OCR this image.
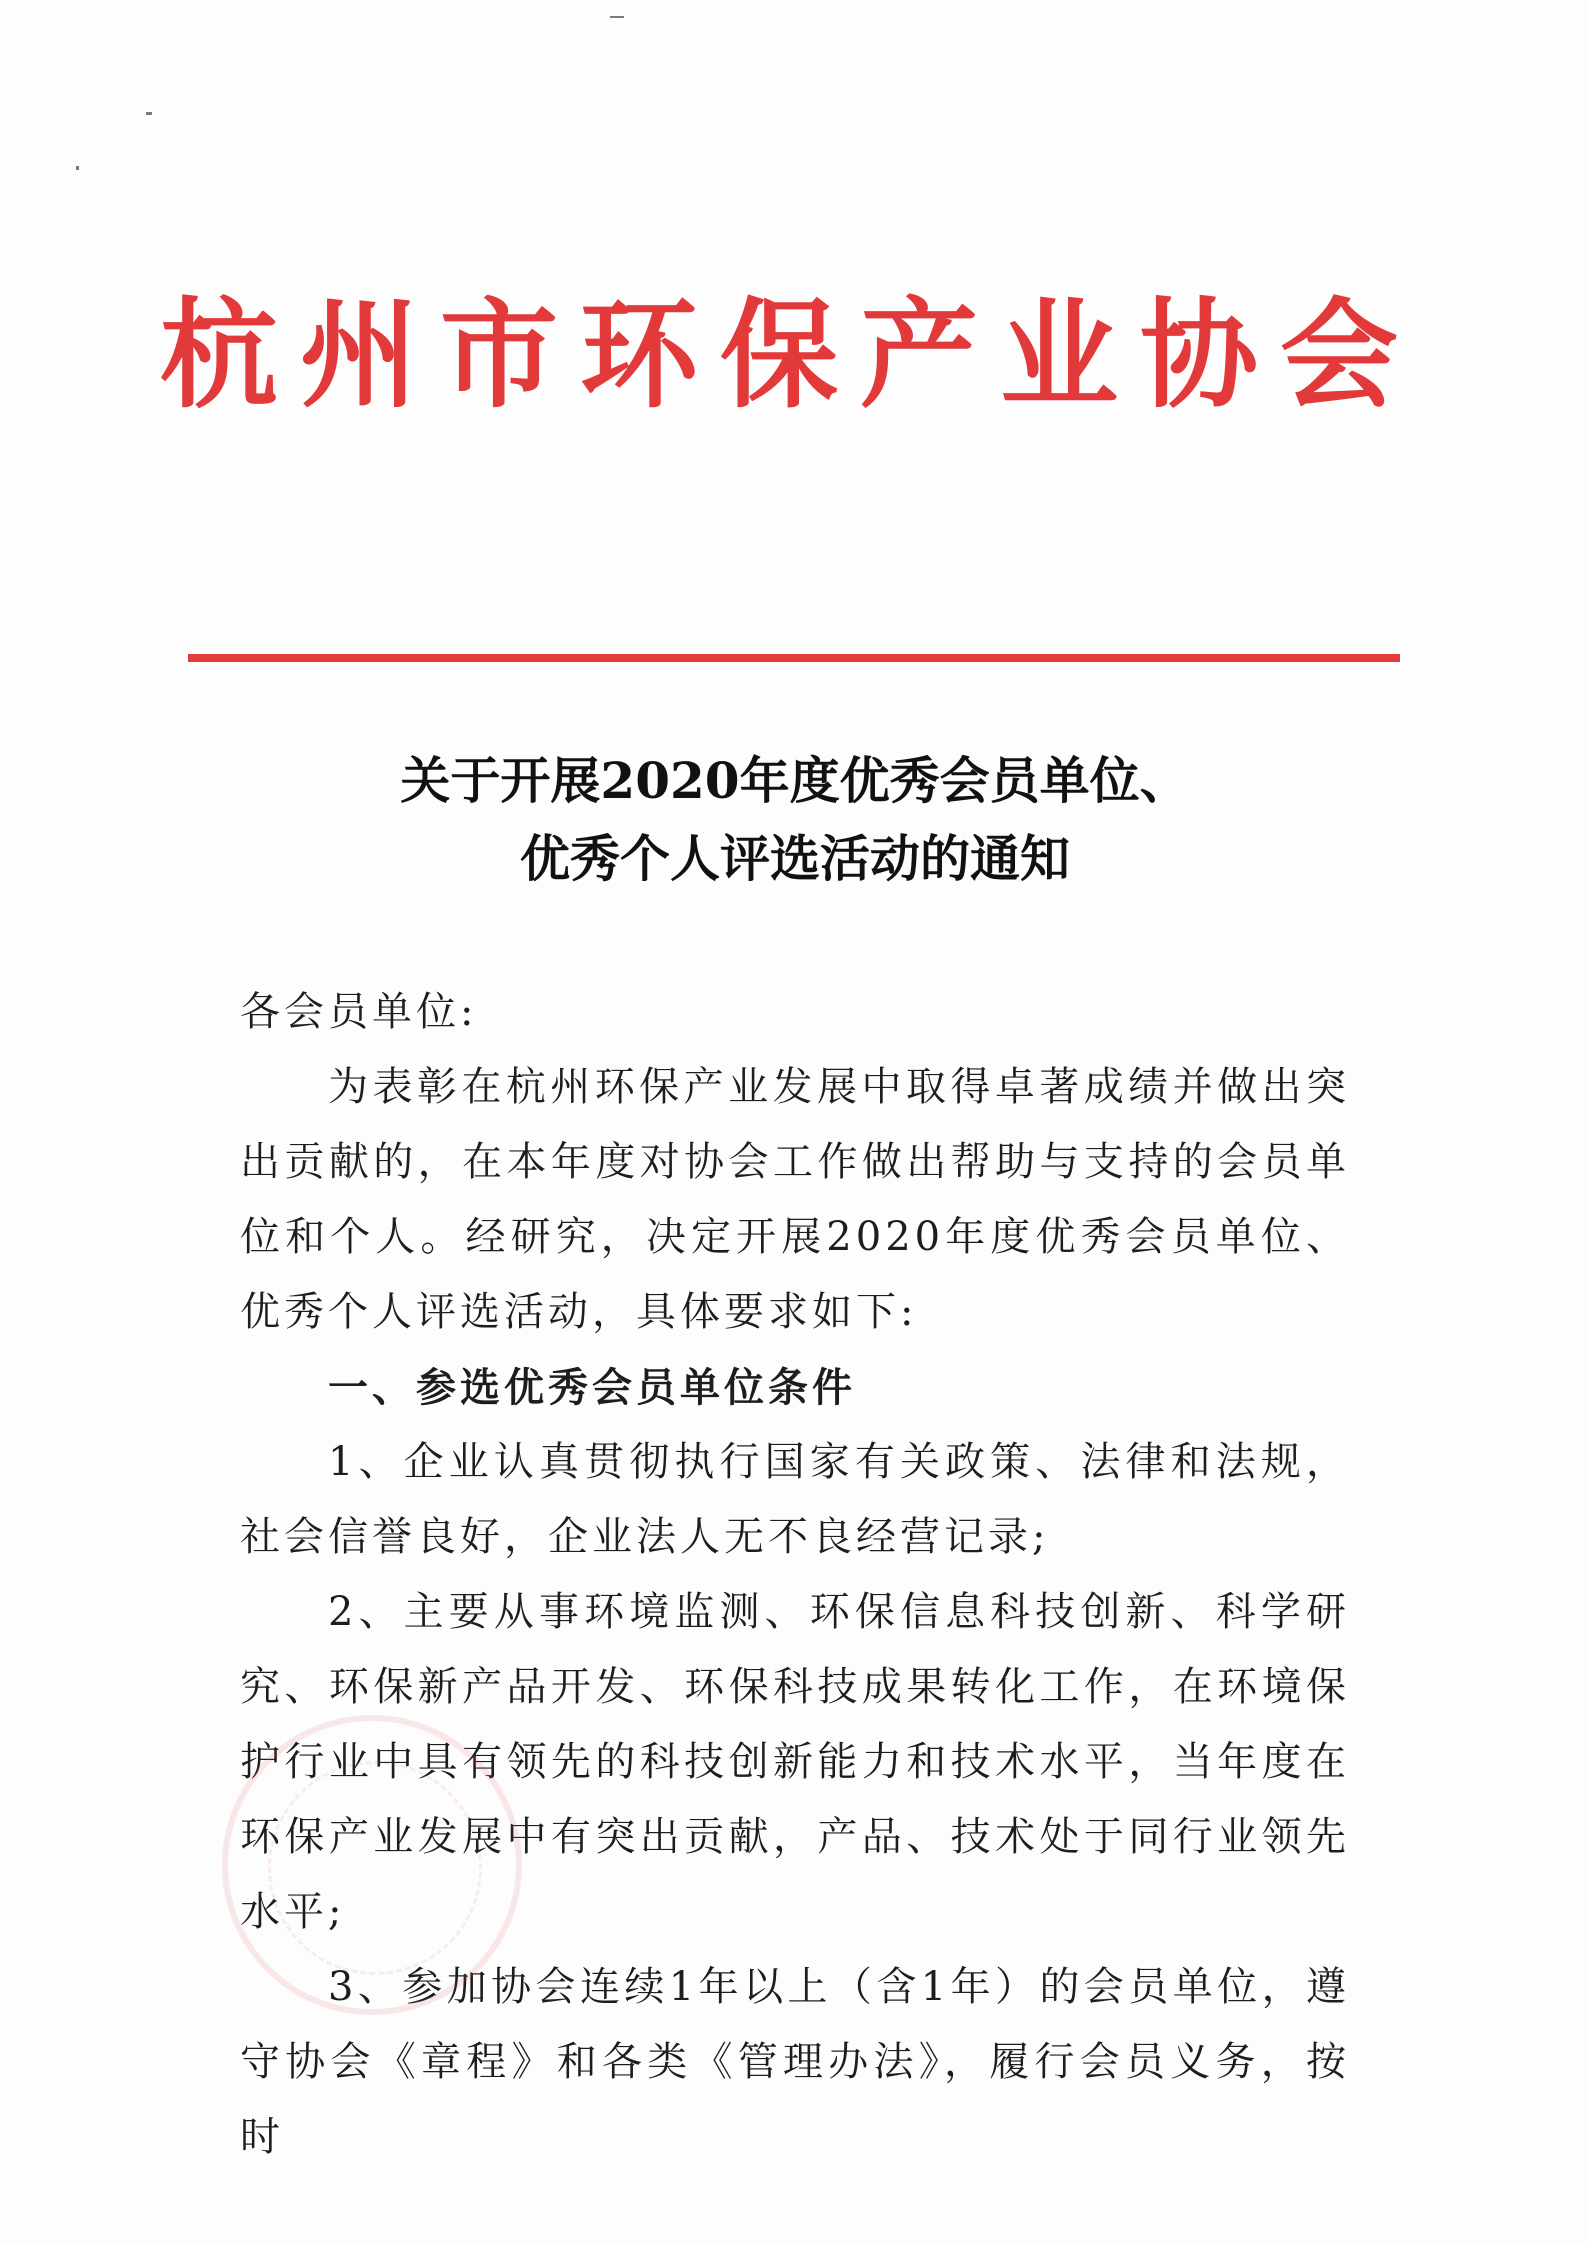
杭州市环保产业协会
关于开展2020年度优秀会员单位、
优秀个人评选活动的通知

各会员单位:

为表彰在杭州环保产业发展中取得卓著成绩并做出突出贡献的，在本年度对协会工作做出帮助与支持的会员单位和个人。经研究，决定开展2020年度优秀会员单位、优秀个人评选活动，具体要求如下:

一、参选优秀会员单位条件

1、企业认真贯彻执行国家有关政策、法律和法规，社会信誉良好，企业法人无不良经营记录;

2、主要从事环境监测、环保信息科技创新、科学研究、环保新产品开发、环保科技成果转化工作，在环境保护行业中具有领先的科技创新能力和技术水平，当年度在环保产业发展中有突出贡献，产品、技术处于同行业领先水平;

3、参加协会连续1年以上（含1年）的会员单位，遵守协会《章程》和各类《管理办法》，履行会员义务，按时
